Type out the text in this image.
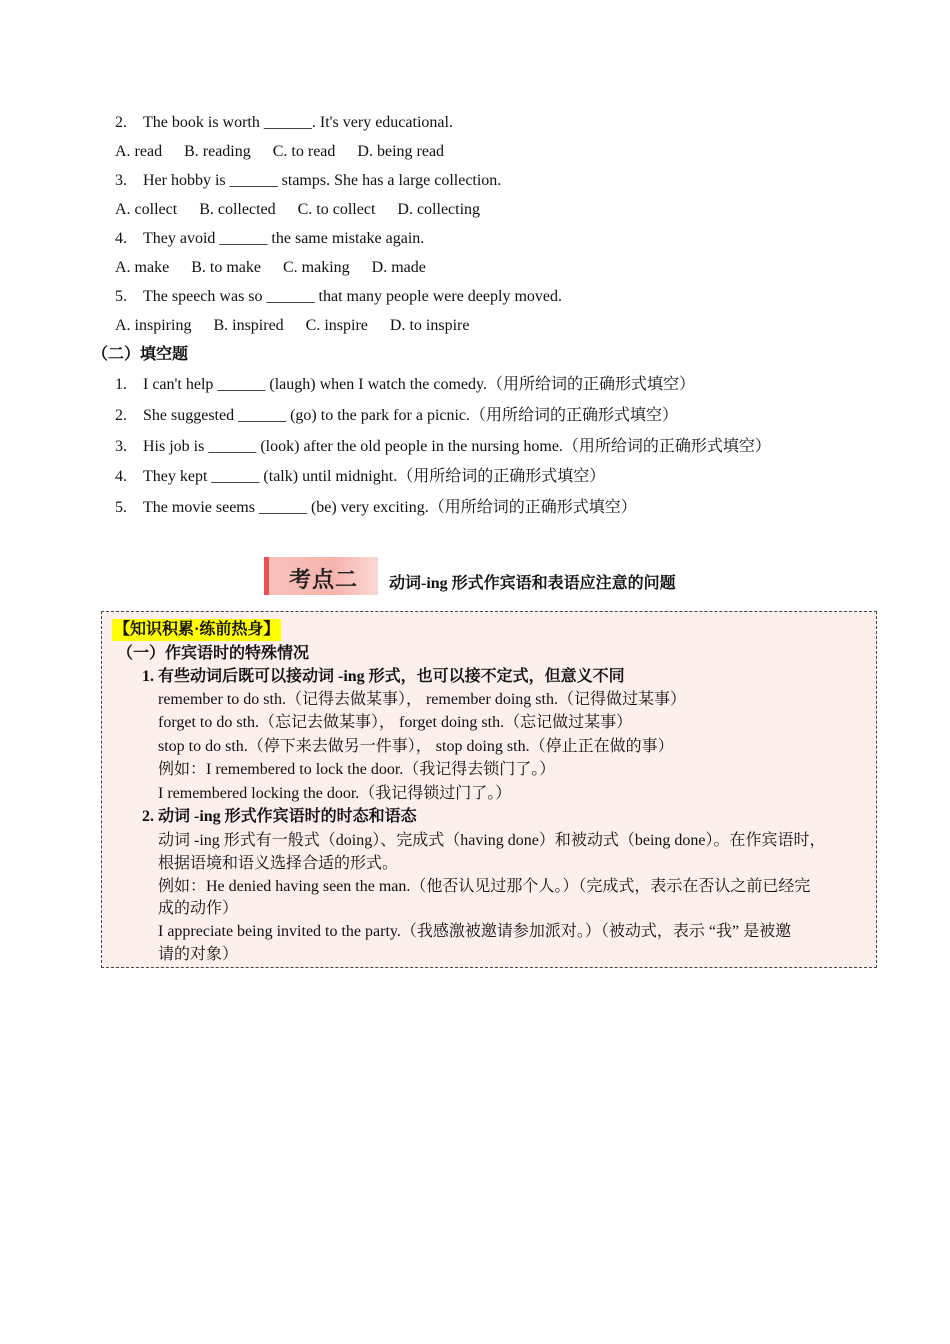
2. The book is worth ______. It's very educational.
A. read B. reading C. to read D. being read
3. Her hobby is ______ stamps. She has a large collection.
A. collect B. collected C. to collect D. collecting
4. They avoid ______ the same mistake again.
A. make B. to make C. making D. made
5. The speech was so ______ that many people were deeply moved.
A. inspiring B. inspired C. inspire D. to inspire
（二）填空题
1. I can't help ______ (laugh) when I watch the comedy.（用所给词的正确形式填空）
2. She suggested ______ (go) to the park for a picnic.（用所给词的正确形式填空）
3. His job is ______ (look) after the old people in the nursing home.（用所给词的正确形式填空）
4. They kept ______ (talk) until midnight.（用所给词的正确形式填空）
5. The movie seems ______ (be) very exciting.（用所给词的正确形式填空）
考点二 动词-ing 形式作宾语和表语应注意的问题
【知识积累·练前热身】
（一）作宾语时的特殊情况
1. 有些动词后既可以接动词 -ing 形式，也可以接不定式，但意义不同
remember to do sth.（记得去做某事）， remember doing sth.（记得做过某事）
forget to do sth.（忘记去做某事）， forget doing sth.（忘记做过某事）
stop to do sth.（停下来去做另一件事）， stop doing sth.（停止正在做的事）
例如：I remembered to lock the door.（我记得去锁门了。）
I remembered locking the door.（我记得锁过门了。）
2. 动词 -ing 形式作宾语时的时态和语态
动词 -ing 形式有一般式（doing）、完成式（having done）和被动式（being done）。在作宾语时，
根据语境和语义选择合适的形式。
例如：He denied having seen the man.（他否认见过那个人。）（完成式，表示在否认之前已经完
成的动作）
I appreciate being invited to the party.（我感激被邀请参加派对。）（被动式，表示 “我” 是被邀
请的对象）
